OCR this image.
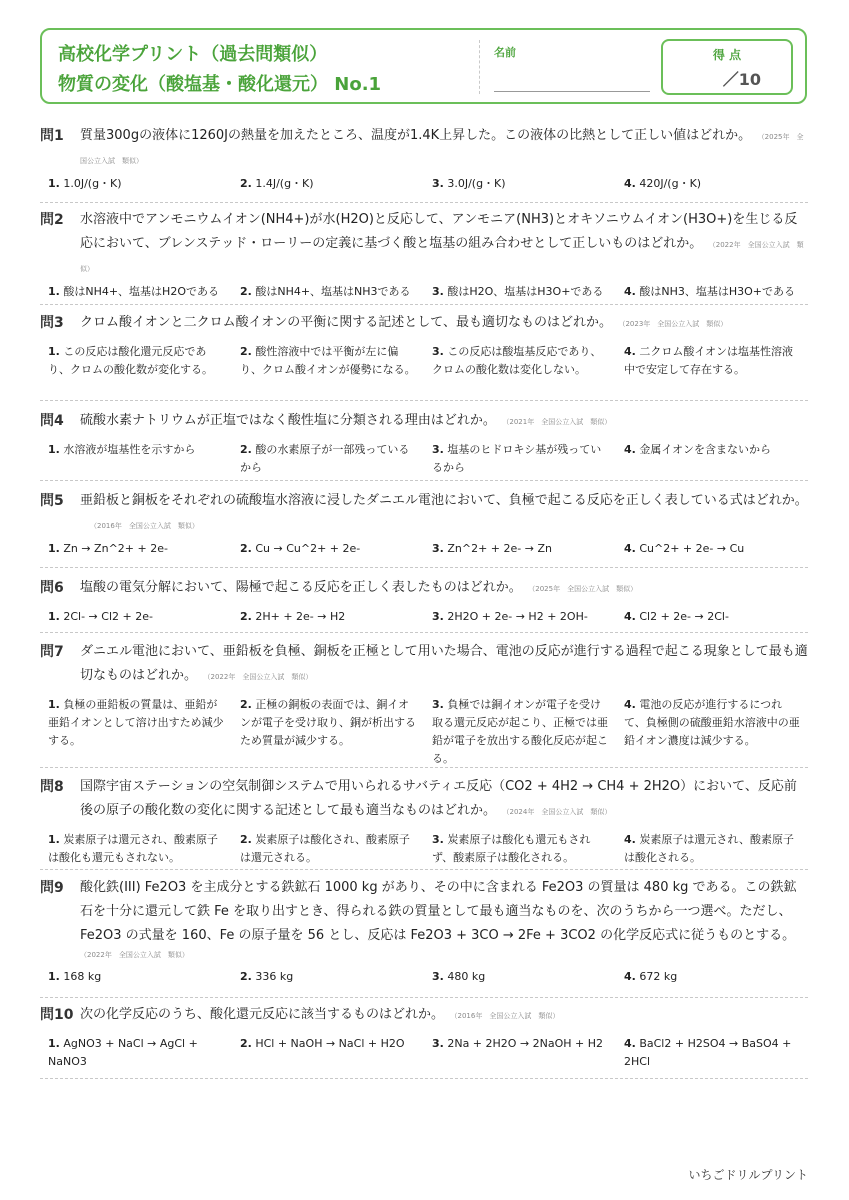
高校化学プリント（過去問類似）
物質の変化（酸塩基・酸化還元） No.1
名前	得 点
／10
問1 質量300gの液体に1260Jの熱量を加えたところ、温度が1.4K上昇した。この液体の比熱として正しい値はどれか。 （2025年　全国公立入試　類似）
1. 1.0J/(g・K)	2. 1.4J/(g・K)	3. 3.0J/(g・K)	4. 420J/(g・K)
問2 水溶液中でアンモニウムイオン(NH4+)が水(H2O)と反応して、アンモニア(NH3)とオキソニウムイオン(H3O+)を生じる反応において、ブレンステッド・ローリーの定義に基づく酸と塩基の組み合わせとして正しいものはどれか。 （2022年　全国公立入試　類似）
1. 酸はNH4+、塩基はH2Oである	2. 酸はNH4+、塩基はNH3である	3. 酸はH2O、塩基はH3O+である	4. 酸はNH3、塩基はH3O+である
問3 クロム酸イオンと二クロム酸イオンの平衡に関する記述として、最も適切なものはどれか。 （2023年　全国公立入試　類似）
1. この反応は酸化還元反応であり、クロムの酸化数が変化する。
2. 酸性溶液中では平衡が左に偏り、クロム酸イオンが優勢になる。
3. この反応は酸塩基反応であり、クロムの酸化数は変化しない。
4. 二クロム酸イオンは塩基性溶液中で安定して存在する。
問4 硫酸水素ナトリウムが正塩ではなく酸性塩に分類される理由はどれか。 （2021年　全国公立入試　類似）
1. 水溶液が塩基性を示すから	2. 酸の水素原子が一部残っているから
3. 塩基のヒドロキシ基が残っているから
4. 金属イオンを含まないから
問5 亜鉛板と銅板をそれぞれの硫酸塩水溶液に浸したダニエル電池において、負極で起こる反応を正しく表している式はどれか。（2016年　全国公立入試　類似）
1. Zn → Zn^2+ + 2e-	2. Cu → Cu^2+ + 2e-	3. Zn^2+ + 2e- → Zn	4. Cu^2+ + 2e- → Cu
問6 塩酸の電気分解において、陽極で起こる反応を正しく表したものはどれか。 （2025年　全国公立入試　類似）
1. 2Cl- → Cl2 + 2e-	2. 2H+ + 2e- → H2	3. 2H2O + 2e- → H2 + 2OH-	4. Cl2 + 2e- → 2Cl-
問7 ダニエル電池において、亜鉛板を負極、銅板を正極として用いた場合、電池の反応が進行する過程で起こる現象として最も適切なものはどれか。 （2022年　全国公立入試　類似）
1. 負極の亜鉛板の質量は、亜鉛が亜鉛イオンとして溶け出すため減少する。
2. 正極の銅板の表面では、銅イオンが電子を受け取り、銅が析出するため質量が減少する。
3. 負極では銅イオンが電子を受け取る還元反応が起こり、正極では亜鉛が電子を放出する酸化反応が起こる。
4. 電池の反応が進行するにつれて、負極側の硫酸亜鉛水溶液中の亜鉛イオン濃度は減少する。
問8 国際宇宙ステーションの空気制御システムで用いられるサバティエ反応（CO2 + 4H2 → CH4 + 2H2O）において、反応前後の原子の酸化数の変化に関する記述として最も適当なものはどれか。 （2024年　全国公立入試　類似）
1. 炭素原子は還元され、酸素原子は酸化も還元もされない。
2. 炭素原子は酸化され、酸素原子は還元される。
3. 炭素原子は酸化も還元もされず、酸素原子は酸化される。
4. 炭素原子は還元され、酸素原子は酸化される。
問9 酸化鉄(III) Fe2O3 を主成分とする鉄鉱石 1000 kg があり、その中に含まれる Fe2O3 の質量は 480 kg である。この鉄鉱石を十分に還元して鉄 Fe を取り出すとき、得られる鉄の質量として最も適当なものを、次のうちから一つ選べ。ただし、Fe2O3 の式量を 160、Fe の原子量を 56 とし、反応は Fe2O3 + 3CO → 2Fe + 3CO2 の化学反応式に従うものとする。
（2022年　全国公立入試　類似）
1. 168 kg	2. 336 kg	3. 480 kg	4. 672 kg
問10 次の化学反応のうち、酸化還元反応に該当するものはどれか。 （2016年　全国公立入試　類似）
1. AgNO3 + NaCl → AgCl + NaNO3
2. HCl + NaOH → NaCl + H2O	3. 2Na + 2H2O → 2NaOH + H2	4. BaCl2 + H2SO4 → BaSO4 + 2HCl
いちごドリルプリント
